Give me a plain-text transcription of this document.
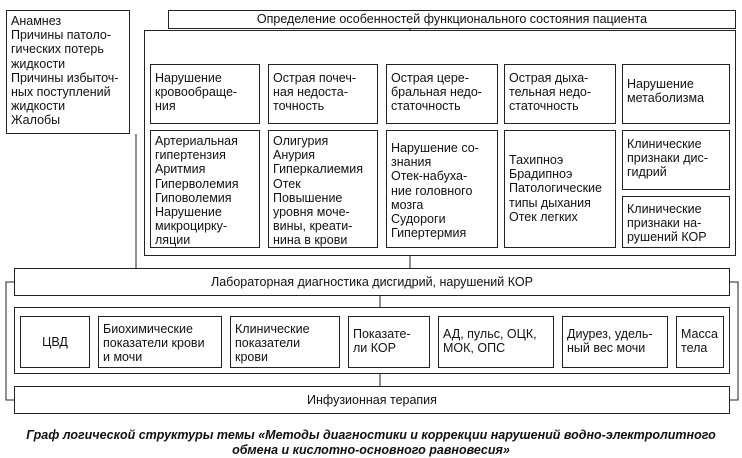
Анамнез
Причины патоло-
гических потерь
жидкости
Причины избыточ-
ных поступлений
жидкости
Жалобы
Определение особенностей функционального состояния пациента
Нарушение
кровообраще-
ния
Артериальная
гипертензия
Аритмия
Гиперволемия
Гиповолемия
Нарушение
микроцирку-
ляции
Острая почеч-
ная недоста-
точность
Олигурия
Анурия
Гиперкалиемия
Отек
Повышение
уровня моче-
вины, креати-
нина в крови
Острая цере-
бральная недо-
статочность
Нарушение со-
знания
Отек-набуха-
ние головного
мозга
Судороги
Гипертермия
Острая дыха-
тельная недо-
статочность
Тахипноэ
Брадипноэ
Патологические
типы дыхания
Отек легких
Нарушение
метаболизма
Клинические
признаки дис-
гидрий
Клинические
признаки на-
рушений КОР
Лабораторная диагностика дисгидрий, нарушений КОР
ЦВД
Биохимические
показатели крови
и мочи
Клинические
показатели
крови
Показате-
ли КОР
АД, пульс, ОЦК,
МОК, ОПС
Диурез, удель-
ный вес мочи
Масса
тела
Инфузионная терапия
Граф логической структуры темы «Методы диагностики и коррекции нарушений водно-электролитного
обмена и кислотно-основного равновесия»
